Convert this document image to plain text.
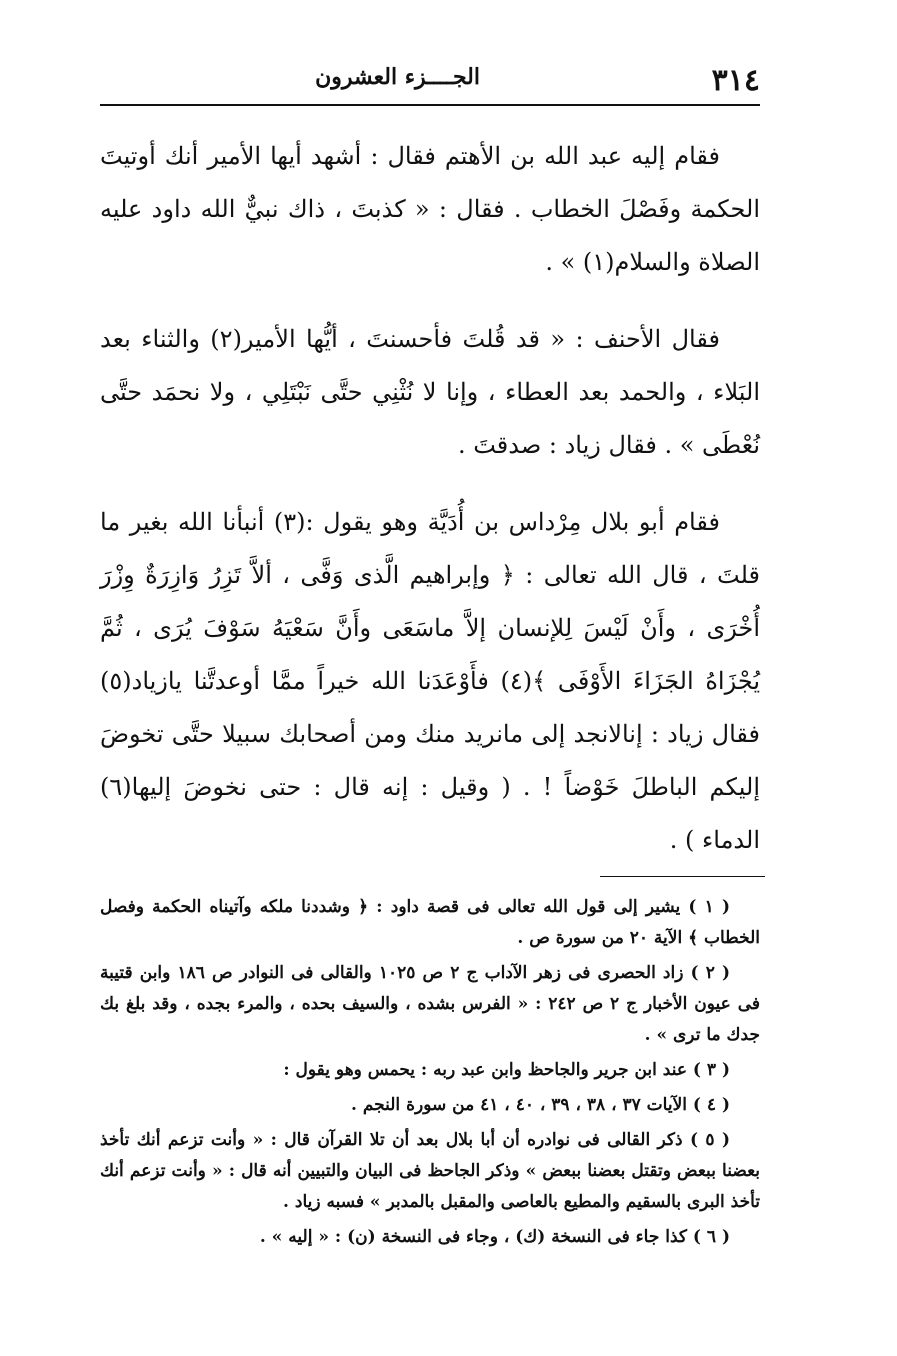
٣١٤
الجــــزء العشرون

فقام إليه عبد الله بن الأهتم فقال : أشهد أيها الأمير أنك أوتيتَ الحكمة وفَصْلَ الخطاب . فقال : « كذبتَ ، ذاك نبيٌّ الله داود عليه الصلاة والسلام(١) » .

فقال الأحنف : « قد قُلتَ فأحسنتَ ، أيُّها الأمير(٢) والثناء بعد البَلاء ، والحمد بعد العطاء ، وإنا لا نُثْنِي حتَّى نَبْتَلِي ، ولا نحمَد حتَّى نُعْطَى » . فقال زياد : صدقتَ .

فقام أبو بلال مِرْداس بن أُدَيَّة وهو يقول :(٣) أنبأنا الله بغير ما قلتَ ، قال الله تعالى : ﴿ وإبراهيم الَّذى وَفَّى ، ألاَّ تَزِرُ وَازِرَةٌ وِزْرَ أُخْرَى ، وأَنْ لَيْسَ لِلإنسان إلاَّ ماسَعَى وأَنَّ سَعْيَهُ سَوْفَ يُرَى ، ثُمَّ يُجْزَاهُ الجَزَاءَ الأَوْفَى ﴾(٤) فأَوْعَدَنا الله خيراً ممَّا أوعدتَّنا يازياد(٥) فقال زياد : إنالانجد إلى مانريد منك ومن أصحابك سبيلا حتَّى تخوضَ إليكم الباطلَ خَوْضاً ! . ( وقيل : إنه قال : حتى نخوضَ إليها(٦) الدماء ) .

( ١ ) يشير إلى قول الله تعالى فى قصة داود : ﴿ وشددنا ملكه وآتيناه الحكمة وفصل الخطاب ﴾ الآية ٢٠ من سورة ص .

( ٢ ) زاد الحصرى فى زهر الآداب ج ٢ ص ١٠٢٥ والقالى فى النوادر ص ١٨٦ وابن قتيبة فى عيون الأخبار ج ٢ ص ٢٤٢ : « الفرس بشده ، والسيف بحده ، والمرء بجده ، وقد بلغ بك جدك ما ترى » .

( ٣ ) عند ابن جرير والجاحظ وابن عبد ربه : يحمس وهو يقول :

( ٤ ) الآيات ٣٧ ، ٣٨ ، ٣٩ ، ٤٠ ، ٤١ من سورة النجم .

( ٥ ) ذكر القالى فى نوادره أن أبا بلال بعد أن تلا القرآن قال : « وأنت تزعم أنك تأخذ بعضنا ببعض وتقتل بعضنا ببعض » وذكر الجاحظ فى البيان والتبيين أنه قال : « وأنت تزعم أنك تأخذ البرى بالسقيم والمطيع بالعاصى والمقبل بالمدبر » فسبه زياد .

( ٦ ) كذا جاء فى النسخة (ك) ، وجاء فى النسخة (ن) : « إليه » .
